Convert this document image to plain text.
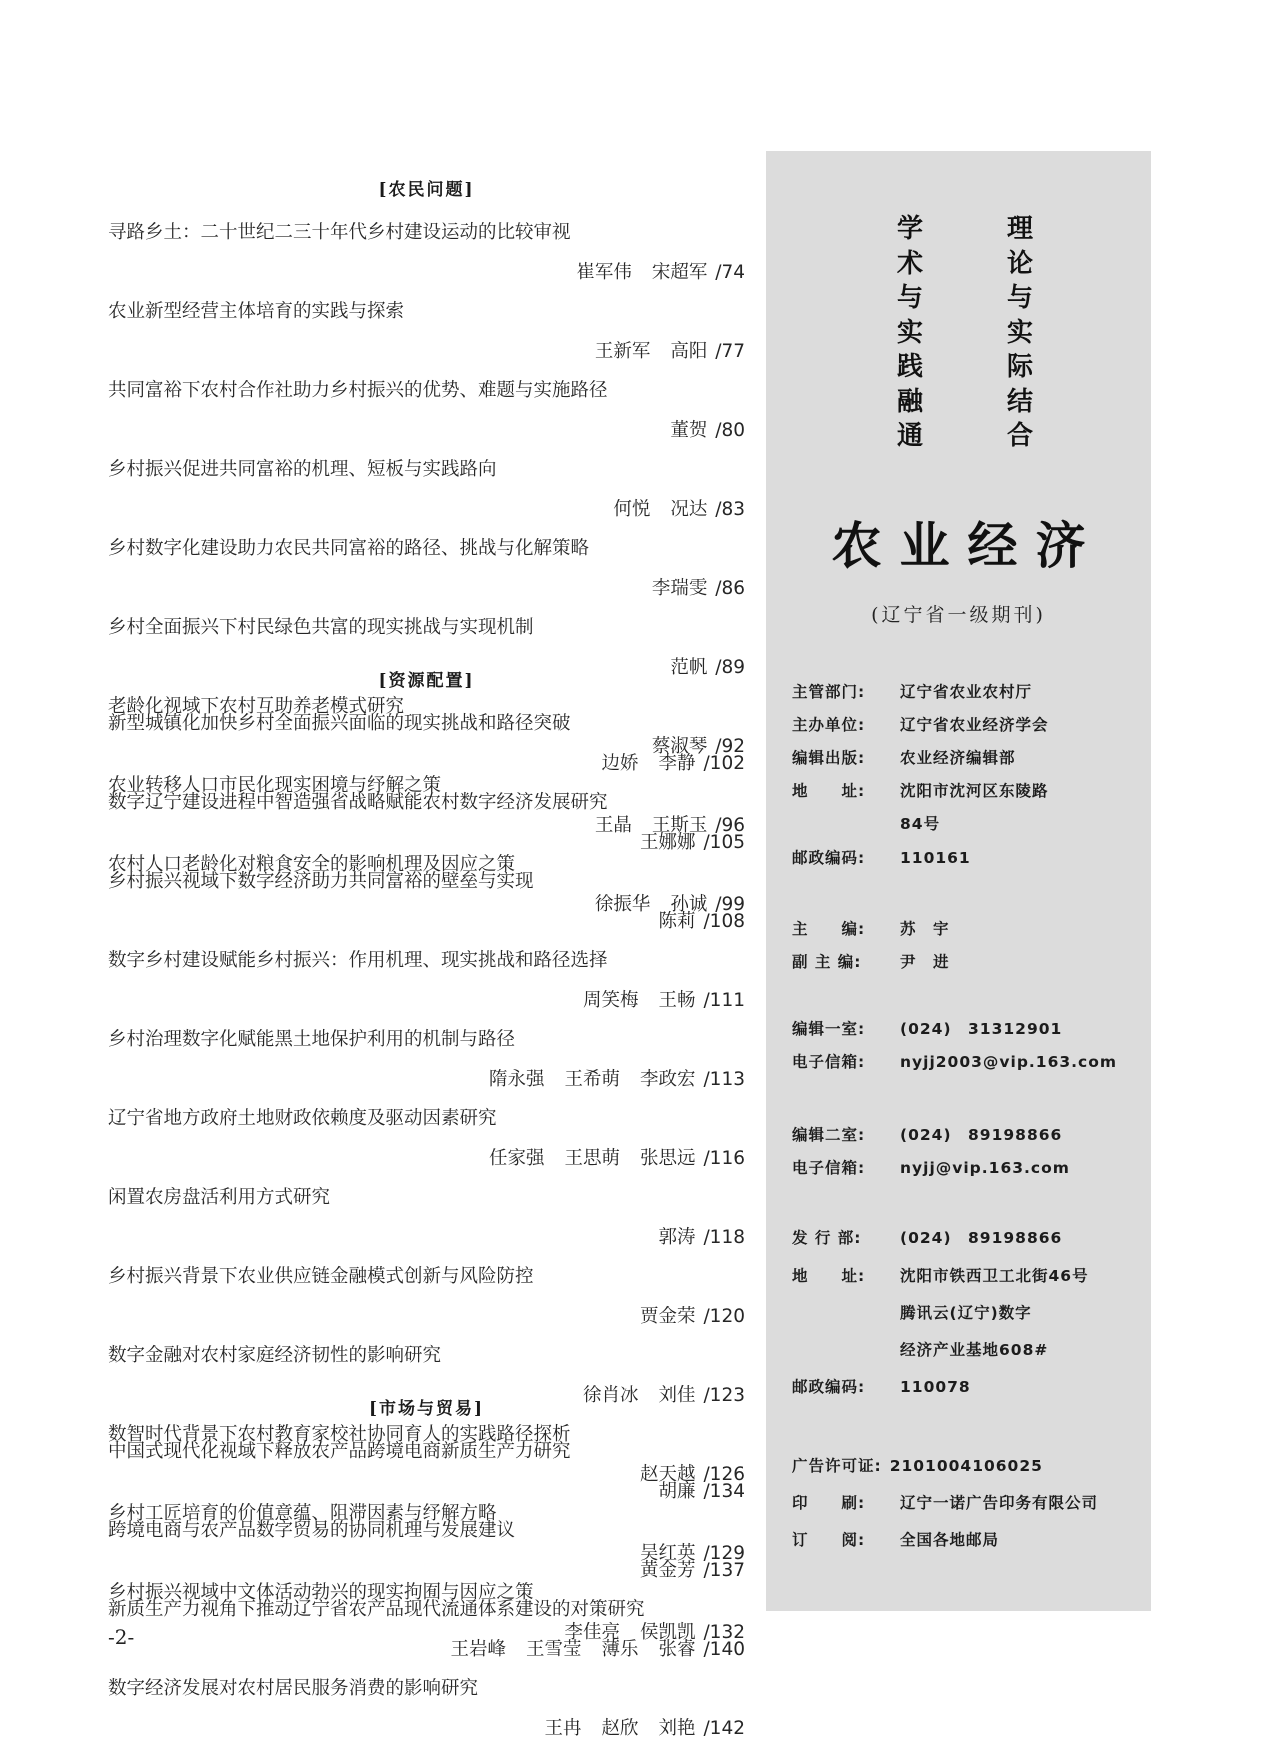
[农民问题]
寻路乡土：二十世纪二三十年代乡村建设运动的比较审视
崔军伟 宋超军 /74
农业新型经营主体培育的实践与探索
王新军 高阳 /77
共同富裕下农村合作社助力乡村振兴的优势、难题与实施路径
董贺 /80
乡村振兴促进共同富裕的机理、短板与实践路向
何悦 况达 /83
乡村数字化建设助力农民共同富裕的路径、挑战与化解策略
李瑞雯 /86
乡村全面振兴下村民绿色共富的现实挑战与实现机制
范帆 /89
老龄化视域下农村互助养老模式研究
蔡淑琴 /92
农业转移人口市民化现实困境与纾解之策
王晶 王斯玉 /96
农村人口老龄化对粮食安全的影响机理及因应之策
徐振华 孙诚 /99
[资源配置]
新型城镇化加快乡村全面振兴面临的现实挑战和路径突破
边娇 李静 /102
数字辽宁建设进程中智造强省战略赋能农村数字经济发展研究
王娜娜 /105
乡村振兴视域下数字经济助力共同富裕的壁垒与实现
陈莉 /108
数字乡村建设赋能乡村振兴：作用机理、现实挑战和路径选择
周笑梅 王畅 /111
乡村治理数字化赋能黑土地保护利用的机制与路径
隋永强 王希萌 李政宏 /113
辽宁省地方政府土地财政依赖度及驱动因素研究
任家强 王思萌 张思远 /116
闲置农房盘活利用方式研究
郭涛 /118
乡村振兴背景下农业供应链金融模式创新与风险防控
贾金荣 /120
数字金融对农村家庭经济韧性的影响研究
徐肖冰 刘佳 /123
数智时代背景下农村教育家校社协同育人的实践路径探析
赵天越 /126
乡村工匠培育的价值意蕴、阻滞因素与纾解方略
吴红英 /129
乡村振兴视域中文体活动勃兴的现实拘囿与因应之策
李佳亮 侯凯凯 /132
[市场与贸易]
中国式现代化视域下释放农产品跨境电商新质生产力研究
胡廉 /134
跨境电商与农产品数字贸易的协同机理与发展建议
黄金芳 /137
新质生产力视角下推动辽宁省农产品现代流通体系建设的对策研究
王岩峰 王雪莹 薄乐 张睿 /140
数字经济发展对农村居民服务消费的影响研究
王冉 赵欣 刘艳 /142
理
论
与
实
际
结
合
学
术
与
实
践
融
通
农业经济
(辽宁省一级期刊)
主管部门: 辽宁省农业农村厅
主办单位: 辽宁省农业经济学会
编辑出版: 农业经济编辑部
地　　址: 沈阳市沈河区东陵路
84号
邮政编码: 110161
主　　编: 苏　宇
副 主 编: 尹　进
编辑一室: (024)　31312901
电子信箱: nyjj2003@vip.163.com
编辑二室: (024)　89198866
电子信箱: nyjj@vip.163.com
发 行 部: (024)　89198866
地　　址: 沈阳市铁西卫工北街46号
腾讯云(辽宁)数字
经济产业基地608#
邮政编码: 110078
广告许可证: 2101004106025
印　　刷: 辽宁一诺广告印务有限公司
订　　阅: 全国各地邮局
-2-
